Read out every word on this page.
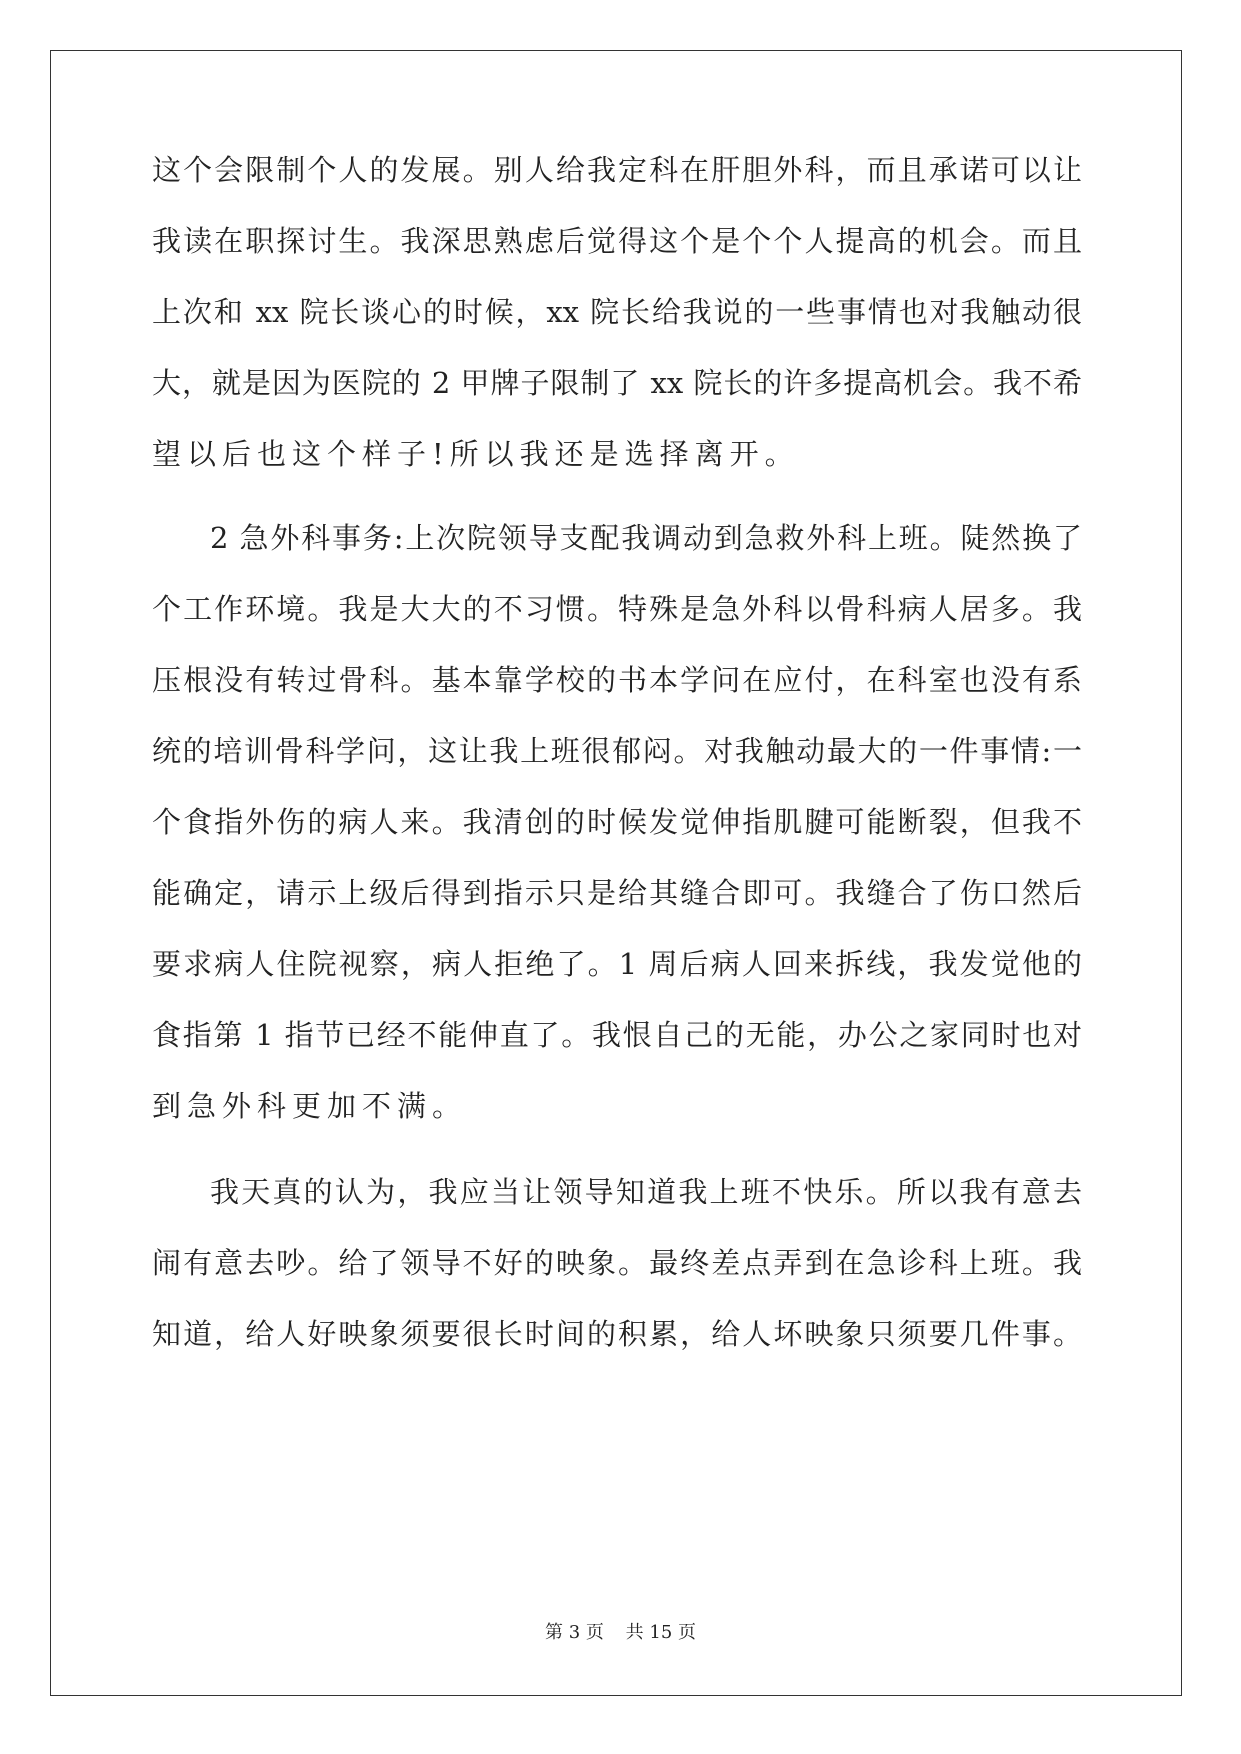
这个会限制个人的发展。别人给我定科在肝胆外科，而且承诺可以让
我读在职探讨生。我深思熟虑后觉得这个是个个人提高的机会。而且
上次和 xx 院长谈心的时候，xx 院长给我说的一些事情也对我触动很
大，就是因为医院的 2 甲牌子限制了 xx 院长的许多提高机会。我不希
望以后也这个样子!所以我还是选择离开。
2 急外科事务:上次院领导支配我调动到急救外科上班。陡然换了
个工作环境。我是大大的不习惯。特殊是急外科以骨科病人居多。我
压根没有转过骨科。基本靠学校的书本学问在应付，在科室也没有系
统的培训骨科学问，这让我上班很郁闷。对我触动最大的一件事情:一
个食指外伤的病人来。我清创的时候发觉伸指肌腱可能断裂，但我不
能确定，请示上级后得到指示只是给其缝合即可。我缝合了伤口然后
要求病人住院视察，病人拒绝了。1 周后病人回来拆线，我发觉他的
食指第 1 指节已经不能伸直了。我恨自己的无能，办公之家同时也对
到急外科更加不满。
我天真的认为，我应当让领导知道我上班不快乐。所以我有意去
闹有意去吵。给了领导不好的映象。最终差点弄到在急诊科上班。我
知道，给人好映象须要很长时间的积累，给人坏映象只须要几件事。
第 3 页 共 15 页
